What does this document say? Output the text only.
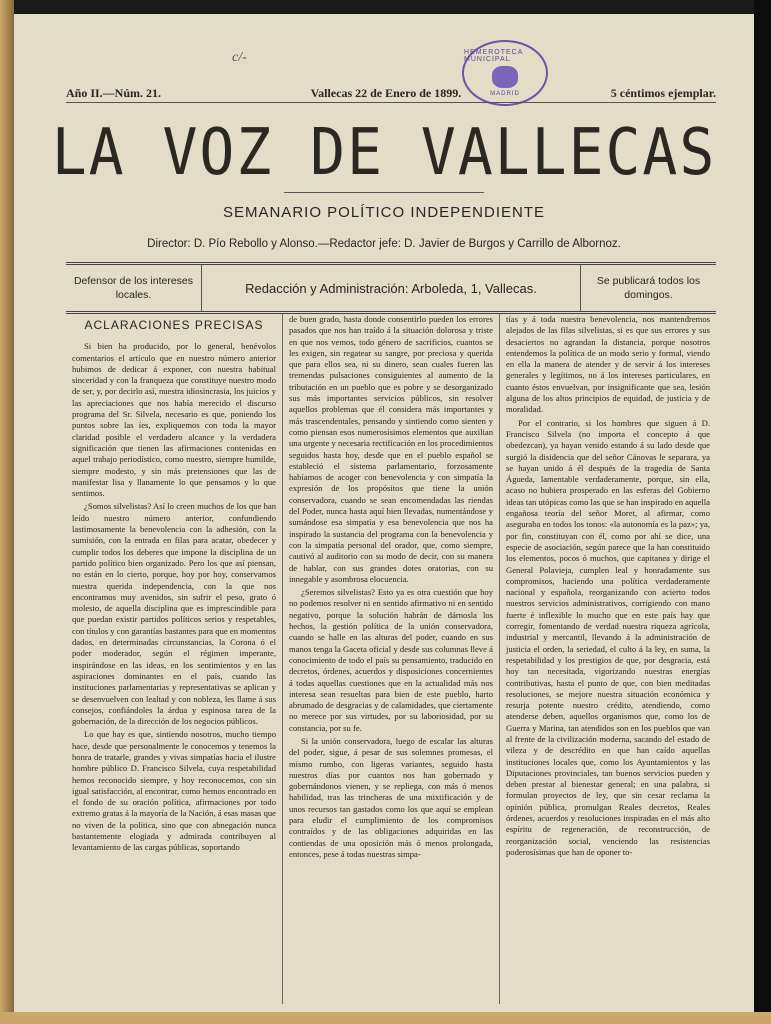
c/-	HEMEROTECA MUNICIPAL
MADRID
Año II.—Núm. 21.	Vallecas 22 de Enero de 1899.	5 céntimos ejemplar.
LA VOZ DE VALLECAS
SEMANARIO POLÍTICO INDEPENDIENTE
Director: D. Pío Rebollo y Alonso.—Redactor jefe: D. Javier de Burgos y Carrillo de Albornoz.
Defensor de los intereses locales.	Redacción y Administración: Arboleda, 1, Vallecas.	Se publicará todos los domingos.
ACLARACIONES PRECISAS

Si bien ha producido, por lo general, benévolos comentarios el artículo que en nuestro número anterior hubimos de dedicar á exponer, con nuestra habitual sinceridad y con la franqueza que constituye nuestro modo de ser, y, por decirlo así, nuestra idiosincrasia, los juicios y las apreciaciones que nos había merecido el discurso programa del Sr. Silvela, necesario es que, poniendo los puntos sobre las íes, expliquemos con toda la mayor claridad posible el verdadero alcance y la verdadera significación que tienen las afirmaciones contenidas en aquel trabajo periodístico, como nuestro, siempre humilde, siempre modesto, y sin más pretensiones que las de manifestar lisa y llanamente lo que pensamos y lo que sentimos.

¿Somos silvelistas? Así lo creen muchos de los que han leído nuestro número anterior, confundiendo lastimosamente la benevolencia con la adhesión, con la sumisión, con la entrada en filas para acatar, obedecer y cumplir todos los deberes que impone la disciplina de un partido político bien organizado. Pero los que así piensan, no están en lo cierto, porque, hoy por hoy, conservamos nuestra querida independencia, con la que nos encontramos muy avenidos, sin sufrir el peso, grato ó molesto, de aquella disciplina que es imprescindible para que puedan existir partidos políticos serios y respetables, con títulos y con garantías bastantes para que en momentos dados, en determinadas circunstancias, la Corona ó el poder moderador, según el régimen imperante, inspirándose en las ideas, en los sentimientos y en las aspiraciones dominantes en el país, cuando las instituciones parlamentarias y representativas se aplican y se desenvuelven con lealtad y con nobleza, les llame á sus consejos, confiándoles la árdua y espinosa tarea de la gobernación, de la dirección de los negocios públicos.

Lo que hay es que, sintiendo nosotros, mucho tiempo hace, desde que personalmente le conocemos y tenemos la honra de tratarle, grandes y vivas simpatías hacia el ilustre hombre público D. Francisco Silvela, cuya respetabilidad hemos reconocido siempre, y hoy reconocemos, con sin igual satisfacción, al encontrar, como hemos encontrado en el fondo de su oración política, afirmaciones por todo extremo gratas á la mayoría de la Nación, á esas masas que no viven de la política, sino que con abnegación nunca bastantemente elogiada y admirada contribuyen al levantamiento de las cargas públicas, soportando

de buen grado, hasta donde consentirlo pueden los errores pasados que nos han traído á la situación dolorosa y triste en que nos vemos, todo género de sacrificios, cuantos se les exigen, sin regatear su sangre, por preciosa y querida que para ellos sea, ni su dinero, sean cuales fueren las tremendas pulsaciones consiguientes al aumento de la tributación en un pueblo que es pobre y se desorganizado sus más importantes servicios públicos, sin resolver aquellos problemas que él considera más importantes y más trascendentales, pensando y sintiendo como sienten y como piensan esos numerosísimos elementos que auxilian una urgente y necesaria rectificación en los procedimientos seguidos hasta hoy, desde que en el pueblo español se estableció el sistema parlamentario, forzosamente habíamos de acoger con benevolencia y con simpatía la expresión de los propósitos que tiene la unión conservadora, cuando se sean encomendadas las riendas del Poder, nunca hasta aquí bien llevadas, numentándose y sumándose esa simpatía y esa benevolencia que nos ha inspirado la sustancia del programa con la benevolencia y con la simpatía personal del orador, que, como siempre, cautivó al auditorio con su modo de decir, con su manera de hablar, con sus grandes dotes oratorias, con su innegable y asombrosa elocuencia.

¿Seremos silvelistas? Esto ya es otra cuestión que hoy no podemos resolver ni en sentido afirmativo ni en sentido negativo, porque la solución habrán de dárnosla los hechos, la gestión política de la unión conservadora, cuando se halle en las alturas del poder, cuando en sus manos tenga la Gaceta oficial y desde sus columnas lleve á conocimiento de todo el país su pensamiento, traducido en decretos, órdenes, acuerdos y disposiciones concernientes á todas aquellas cuestiones que en la actualidad más nos interesa sean resueltas para bien de este pueblo, harto abrumado de desgracias y de calamidades, que ciertamente no merece por sus virtudes, por su laboriosidad, por su constancia, por su fe.

Si la unión conservadora, luego de escalar las alturas del poder, sigue, á pesar de sus solemnes promesas, el mismo rumbo, con ligeras variantes, seguido hasta nuestros días por cuantos nos han gobernado y gobernándonos vienen, y se repliega, con más ó menos habilidad, tras las trincheras de una mixtificación y de unos recursos tan gastados como los que aquí se emplean para eludir el cumplimiento de los compromisos contraídos y de las obligaciones adquiridas en las contiendas de una oposición más ó menos prolongada, entonces, pese á todas nuestras simpa-

tías y á toda nuestra benevolencia, nos mantendremos alejados de las filas silvelistas, si es que sus errores y sus desaciertos no agrandan la distancia, porque nosotros entendemos la política de un modo serio y formal, viendo en ella la manera de atender y de servir á los intereses generales y legítimos, no á los intereses particulares, en cuanto éstos envuelvan, por insignificante que sea, lesión alguna de los altos principios de equidad, de justicia y de moralidad.

Por el contrario, si los hombres que siguen á D. Francisco Silvela (no importa el concepto á que obedezcan), ya hayan venido estando á su lado desde que surgió la disidencia que del señor Cánovas le separara, ya se hayan unido á él después de la tragedia de Santa Águeda, lamentable verdaderamente, porque, sin ella, acaso no hubiera prosperado en las esferas del Gobierno ideas tan utópicas como las que se han inspirado en aquella engañosa teoría del señor Moret, al afirmar, como aseguraba en todos los tonos: «la autonomía es la paz»; ya, por fin, constituyan con él, como por ahí se dice, una especie de asociación, según parece que la han constituido los elementos, pocos ó muchos, que capitanea y dirige el General Polavieja, cumplen leal y honradamente sus compromisos, haciendo una política verdaderamente nacional y española, reorganizando con acierto todos nuestros servicios administrativos, corrigiendo con mano fuerte é inflexible lo mucho que en este país hay que corregir, fomentando de verdad nuestra riqueza agrícola, industrial y mercantil, llevando á la administración de justicia el orden, la seriedad, el culto á la ley, en suma, la respetabilidad y los prestigios de que, por desgracia, está hoy tan necesitada, vigorizando nuestras energías contributivas, hasta el punto de que, con bien meditadas resoluciones, se mejore nuestra situación económica y resurja potente nuestro crédito, atendiendo, como atenderse deben, aquellos organismos que, como los de Guerra y Marina, tan atendidos son en los pueblos que van al frente de la civilización moderna, sacando del estado de vileza y de descrédito en que han caído aquellas instituciones locales que, como los Ayuntamientos y las Diputaciones provinciales, tan buenos servicios pueden y deben prestar al bienestar general; en una palabra, si formulan proyectos de ley, que sin cesar reclama la opinión pública, promulgan Reales decretos, Reales órdenes, acuerdos y resoluciones inspiradas en el más alto espíritu de regeneración, de reconstrucción, de reorganización social, venciendo las resistencias poderosísimas que han de oponer to-
